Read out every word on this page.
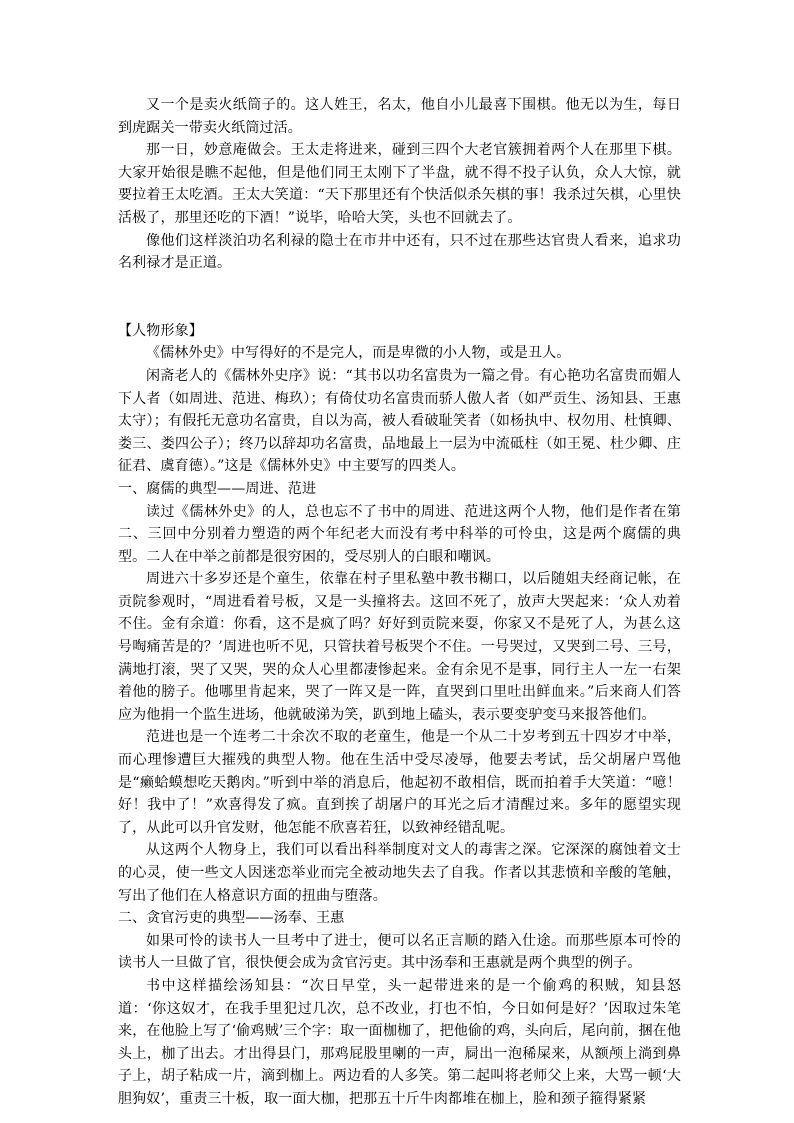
又一个是卖火纸筒子的。这人姓王，名太，他自小儿最喜下围棋。他无以为生，每日到虎踞关一带卖火纸筒过活。

那一日，妙意庵做会。王太走将进来，碰到三四个大老官簇拥着两个人在那里下棋。大家开始很是瞧不起他，但是他们同王太刚下了半盘，就不得不投子认负，众人大惊，就要拉着王太吃酒。王太大笑道：“天下那里还有个快活似杀矢棋的事！我杀过矢棋，心里快活极了，那里还吃的下酒！”说毕，哈哈大笑，头也不回就去了。

像他们这样淡泊功名利禄的隐士在市井中还有，只不过在那些达官贵人看来，追求功名利禄才是正道。

【人物形象】

《儒林外史》中写得好的不是完人，而是卑微的小人物，或是丑人。

闲斋老人的《儒林外史序》说：“其书以功名富贵为一篇之骨。有心艳功名富贵而媚人下人者（如周进、范进、梅玖）；有倚仗功名富贵而骄人傲人者（如严贡生、汤知县、王惠太守）；有假托无意功名富贵，自以为高，被人看破耻笑者（如杨执中、权勿用、杜慎卿、娄三、娄四公子）；终乃以辞却功名富贵，品地最上一层为中流砥柱（如王冕、杜少卿、庄征君、虞育德）。”这是《儒林外史》中主要写的四类人。

一、腐儒的典型——周进、范进

读过《儒林外史》的人，总也忘不了书中的周进、范进这两个人物，他们是作者在第二、三回中分别着力塑造的两个年纪老大而没有考中科举的可怜虫，这是两个腐儒的典型。二人在中举之前都是很穷困的，受尽别人的白眼和嘲讽。

周进六十多岁还是个童生，依靠在村子里私塾中教书糊口，以后随姐夫经商记帐，在贡院参观时，“周进看着号板，又是一头撞将去。这回不死了，放声大哭起来：‘众人劝着不住。金有余道：你看，这不是疯了吗？好好到贡院来耍，你家又不是死了人，为甚么这号啕痛苦是的？’周进也听不见，只管扶着号板哭个不住。一号哭过，又哭到二号、三号，满地打滚，哭了又哭，哭的众人心里都凄惨起来。金有余见不是事，同行主人一左一右架着他的膀子。他哪里肯起来，哭了一阵又是一阵，直哭到口里吐出鲜血来。”后来商人们答应为他捐一个监生进场，他就破涕为笑，趴到地上磕头，表示要变驴变马来报答他们。

范进也是一个连考二十余次不取的老童生，他是一个从二十岁考到五十四岁才中举，而心理惨遭巨大摧残的典型人物。他在生活中受尽凌辱，他要去考试，岳父胡屠户骂他是“癞蛤蟆想吃天鹅肉。”听到中举的消息后，他起初不敢相信，既而拍着手大笑道：“噫！好！我中了！”欢喜得发了疯。直到挨了胡屠户的耳光之后才清醒过来。多年的愿望实现了，从此可以升官发财，他怎能不欣喜若狂，以致神经错乱呢。

从这两个人物身上，我们可以看出科举制度对文人的毒害之深。它深深的腐蚀着文士的心灵，使一些文人因迷恋举业而完全被动地失去了自我。作者以其悲愤和辛酸的笔触，写出了他们在人格意识方面的扭曲与堕落。

二、贪官污吏的典型——汤奉、王惠

如果可怜的读书人一旦考中了进士，便可以名正言顺的踏入仕途。而那些原本可怜的读书人一旦做了官，很快便会成为贪官污吏。其中汤奉和王惠就是两个典型的例子。

书中这样描绘汤知县：“次日早堂，头一起带进来的是一个偷鸡的积贼，知县怒道：‘你这奴才，在我手里犯过几次，总不改业，打也不怕，今日如何是好？’因取过朱笔来，在他脸上写了‘偷鸡贼’三个字：取一面枷枷了，把他偷的鸡，头向后，尾向前，捆在他头上，枷了出去。才出得县门，那鸡屁股里喇的一声，屙出一泡稀屎来，从额颅上淌到鼻子上，胡子粘成一片，滴到枷上。两边看的人多笑。第二起叫将老师父上来，大骂一顿‘大胆狗奴’，重责三十板，取一面大枷，把那五十斤牛肉都堆在枷上，脸和颈子箍得紧紧
